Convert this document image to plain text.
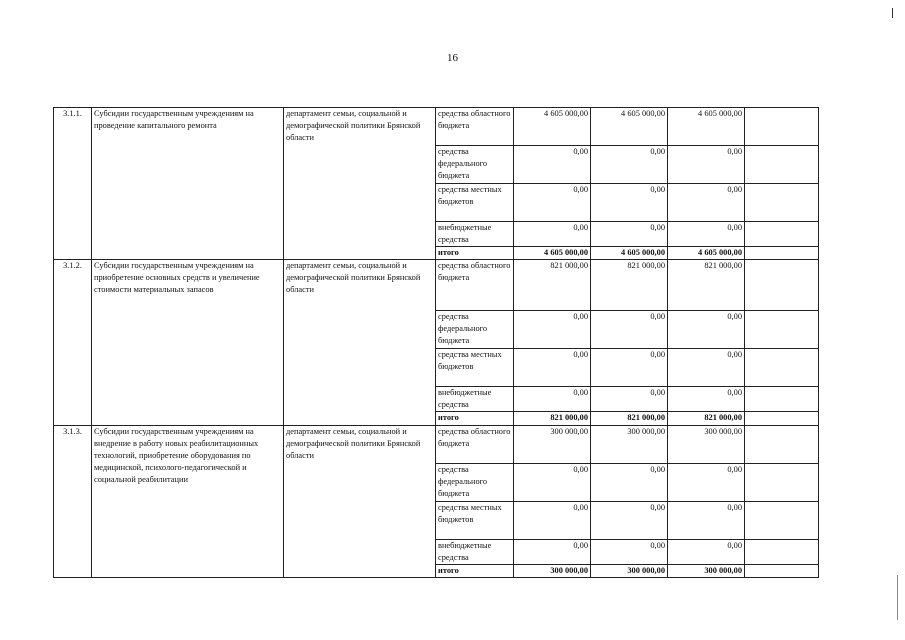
16
3.1.1.	Субсидии государственным учреждениям на проведение капитального ремонта	департамент семьи, социальной и демографической политики Брянской области	средства областного бюджета	4 605 000,00	4 605 000,00	4 605 000,00	
			средства федерального бюджета	0,00	0,00	0,00	
			средства местных бюджетов	0,00	0,00	0,00	
			внебюджетные средства	0,00	0,00	0,00	
			итого	4 605 000,00	4 605 000,00	4 605 000,00	
3.1.2.	Субсидии государственным учреждениям на приобретение основных средств и увеличение стоимости материальных запасов	департамент семьи, социальной и демографической политики Брянской области	средства областного бюджета	821 000,00	821 000,00	821 000,00	
			средства федерального бюджета	0,00	0,00	0,00	
			средства местных бюджетов	0,00	0,00	0,00	
			внебюджетные средства	0,00	0,00	0,00	
			итого	821 000,00	821 000,00	821 000,00	
3.1.3.	Субсидии государственным учреждениям на внедрение в работу новых реабилитационных технологий, приобретение оборудования по медицинской, психолого-педагогической и социальной реабилитации	департамент семьи, социальной и демографической политики Брянской области	средства областного бюджета	300 000,00	300 000,00	300 000,00	
			средства федерального бюджета	0,00	0,00	0,00	
			средства местных бюджетов	0,00	0,00	0,00	
			внебюджетные средства	0,00	0,00	0,00	
			итого	300 000,00	300 000,00	300 000,00	
